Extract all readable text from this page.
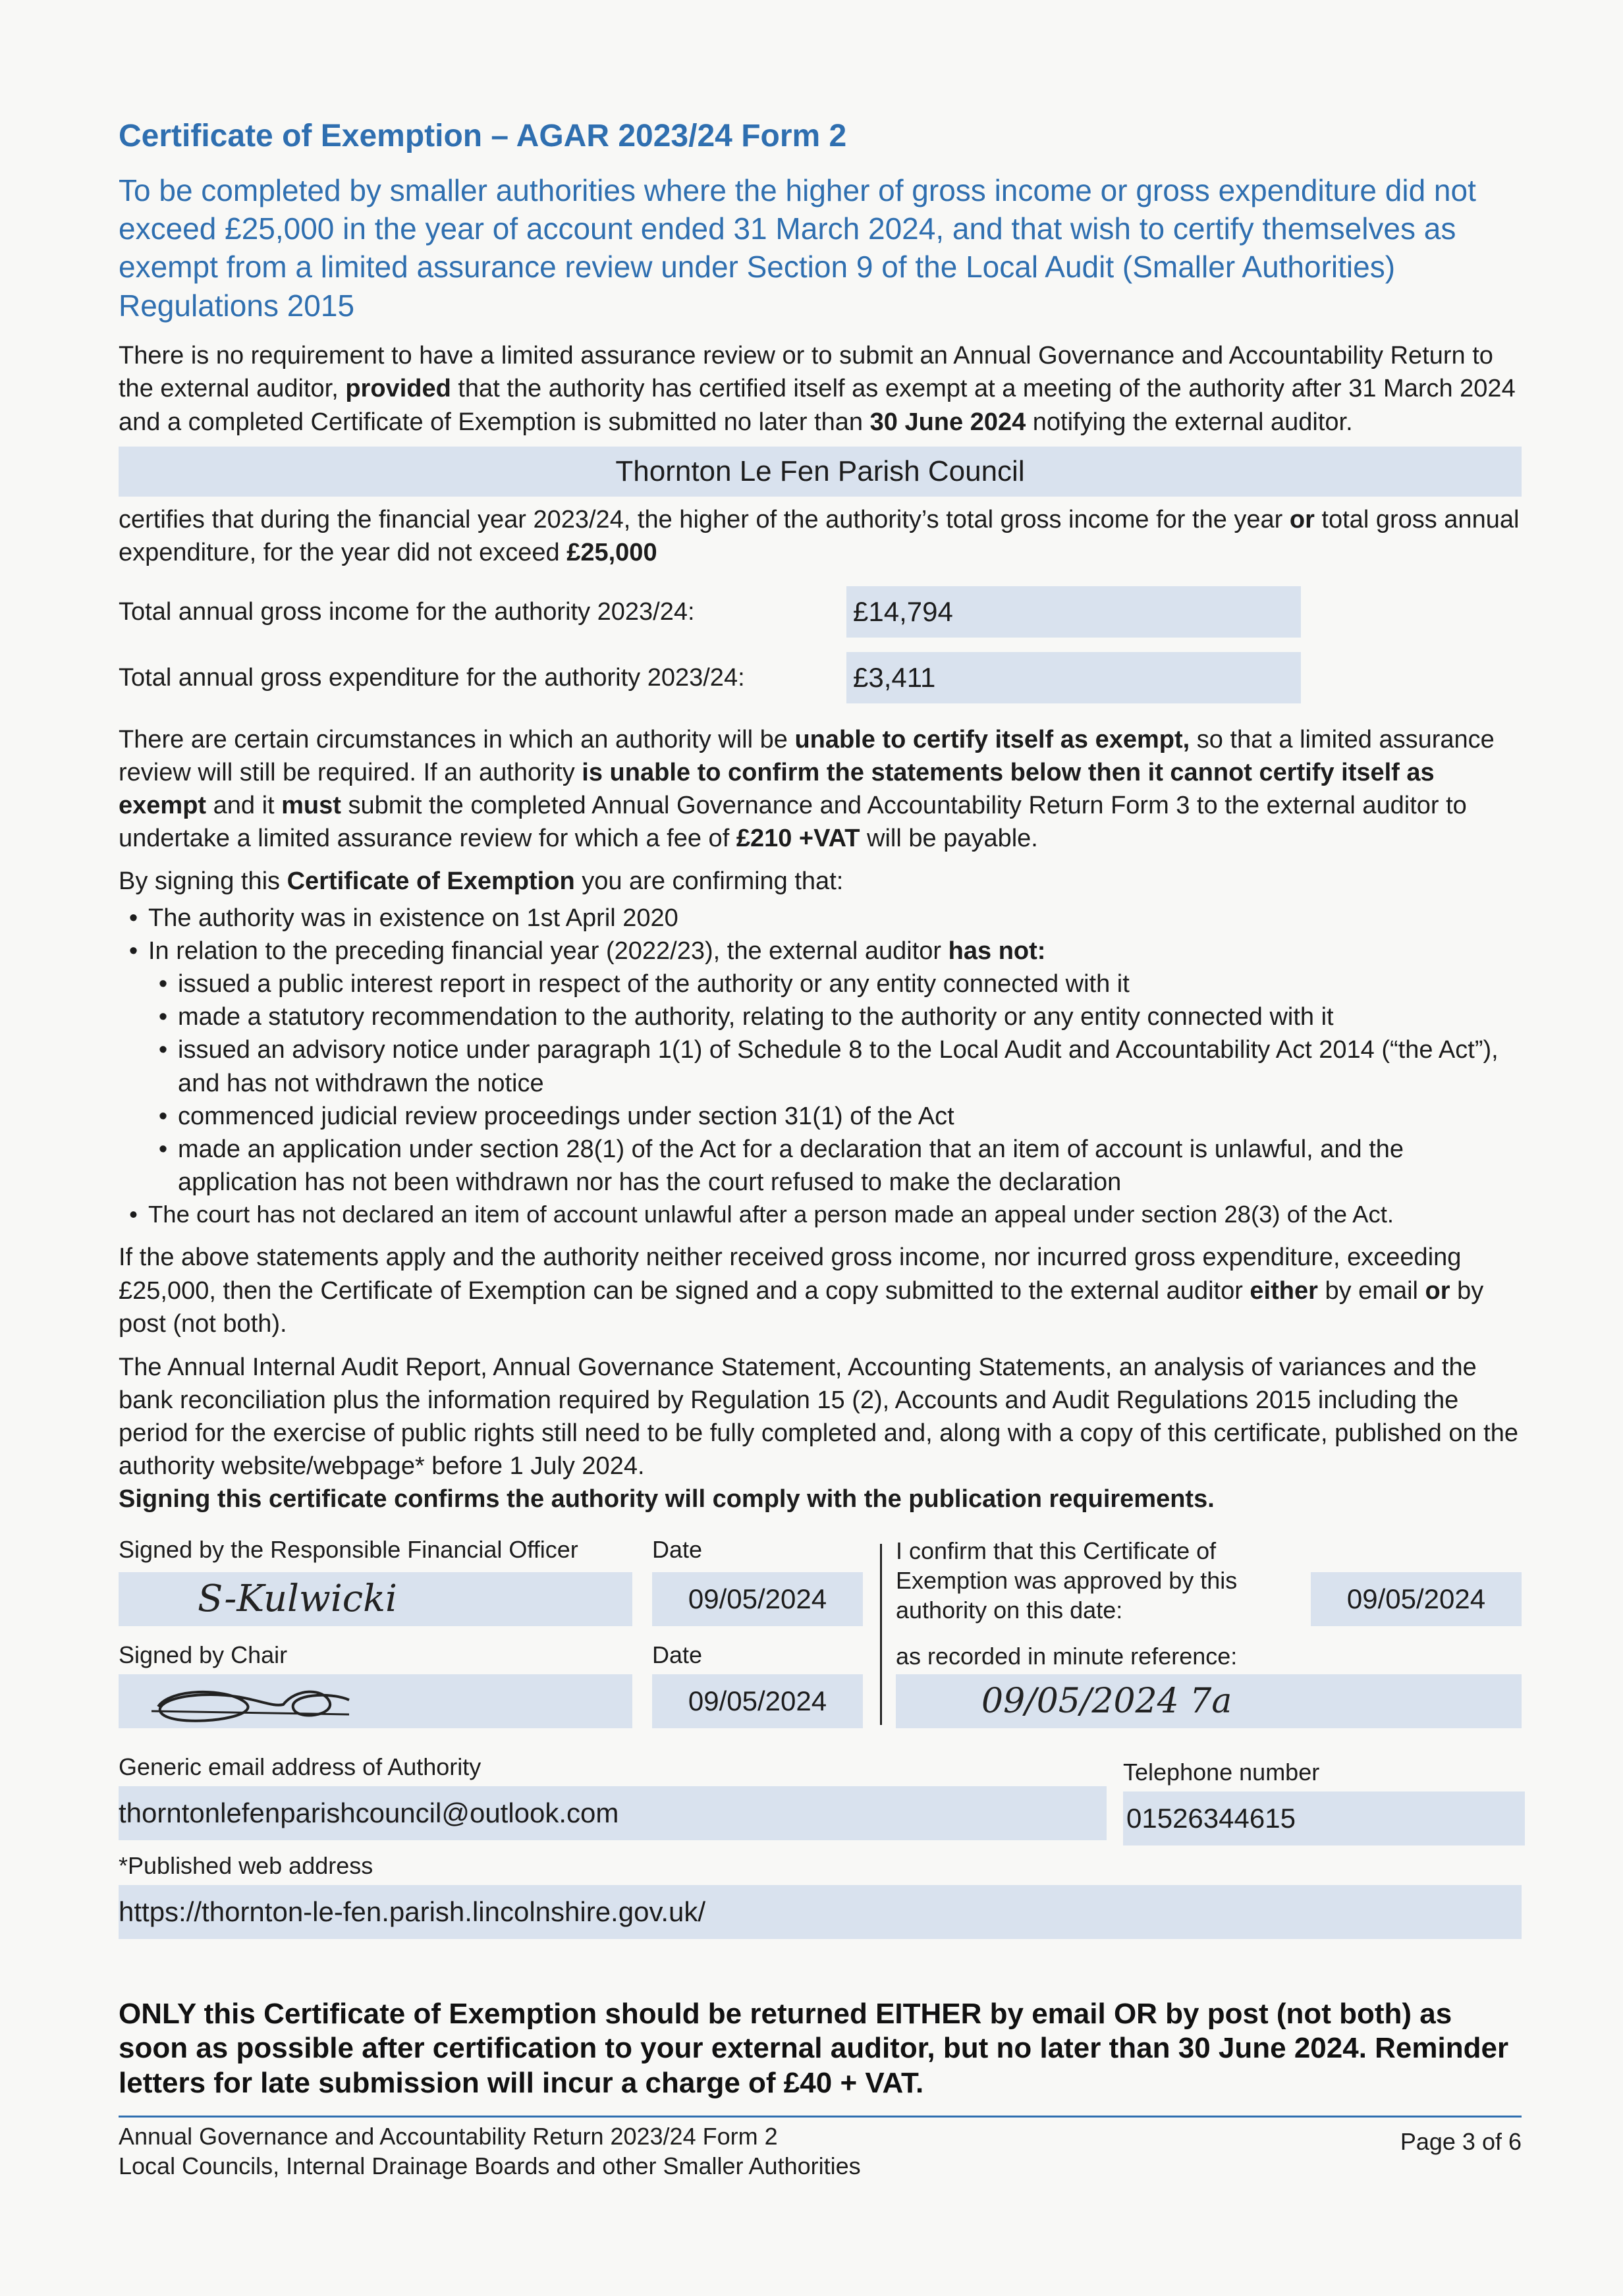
Certificate of Exemption – AGAR 2023/24 Form 2
To be completed by smaller authorities where the higher of gross income or gross expenditure did not exceed £25,000 in the year of account ended 31 March 2024, and that wish to certify themselves as exempt from a limited assurance review under Section 9 of the Local Audit (Smaller Authorities) Regulations 2015

There is no requirement to have a limited assurance review or to submit an Annual Governance and Accountability Return to the external auditor, provided that the authority has certified itself as exempt at a meeting of the authority after 31 March 2024 and a completed Certificate of Exemption is submitted no later than 30 June 2024 notifying the external auditor.

Thornton Le Fen Parish Council

certifies that during the financial year 2023/24, the higher of the authority’s total gross income for the year or total gross annual expenditure, for the year did not exceed £25,000

Total annual gross income for the authority 2023/24:	£14,794
Total annual gross expenditure for the authority 2023/24:	£3,411

There are certain circumstances in which an authority will be unable to certify itself as exempt, so that a limited assurance review will still be required. If an authority is unable to confirm the statements below then it cannot certify itself as exempt and it must submit the completed Annual Governance and Accountability Return Form 3 to the external auditor to undertake a limited assurance review for which a fee of £210 +VAT will be payable.

By signing this Certificate of Exemption you are confirming that:

• The authority was in existence on 1st April 2020
• In relation to the preceding financial year (2022/23), the external auditor has not:
• issued a public interest report in respect of the authority or any entity connected with it
• made a statutory recommendation to the authority, relating to the authority or any entity connected with it
• issued an advisory notice under paragraph 1(1) of Schedule 8 to the Local Audit and Accountability Act 2014 (“the Act”), and has not withdrawn the notice
• commenced judicial review proceedings under section 31(1) of the Act
• made an application under section 28(1) of the Act for a declaration that an item of account is unlawful, and the application has not been withdrawn nor has the court refused to make the declaration
• The court has not declared an item of account unlawful after a person made an appeal under section 28(3) of the Act.

If the above statements apply and the authority neither received gross income, nor incurred gross expenditure, exceeding £25,000, then the Certificate of Exemption can be signed and a copy submitted to the external auditor either by email or by post (not both).

The Annual Internal Audit Report, Annual Governance Statement, Accounting Statements, an analysis of variances and the bank reconciliation plus the information required by Regulation 15 (2), Accounts and Audit Regulations 2015 including the period for the exercise of public rights still need to be fully completed and, along with a copy of this certificate, published on the authority website/webpage* before 1 July 2024.
Signing this certificate confirms the authority will comply with the publication requirements.

Signed by the Responsible Financial Officer	Date
S-Kulwicki	09/05/2024
Signed by Chair	Date
09/05/2024
I confirm that this Certificate of Exemption was approved by this authority on this date:	09/05/2024
as recorded in minute reference:
09/05/2024 7a
Generic email address of Authority
thorntonlefenparishcouncil@outlook.com
Telephone number
01526344615
*Published web address
https://thornton-le-fen.parish.lincolnshire.gov.uk/
ONLY this Certificate of Exemption should be returned EITHER by email OR by post (not both) as soon as possible after certification to your external auditor, but no later than 30 June 2024. Reminder letters for late submission will incur a charge of £40 + VAT.
Annual Governance and Accountability Return 2023/24 Form 2
Local Councils, Internal Drainage Boards and other Smaller Authorities
Page 3 of 6
